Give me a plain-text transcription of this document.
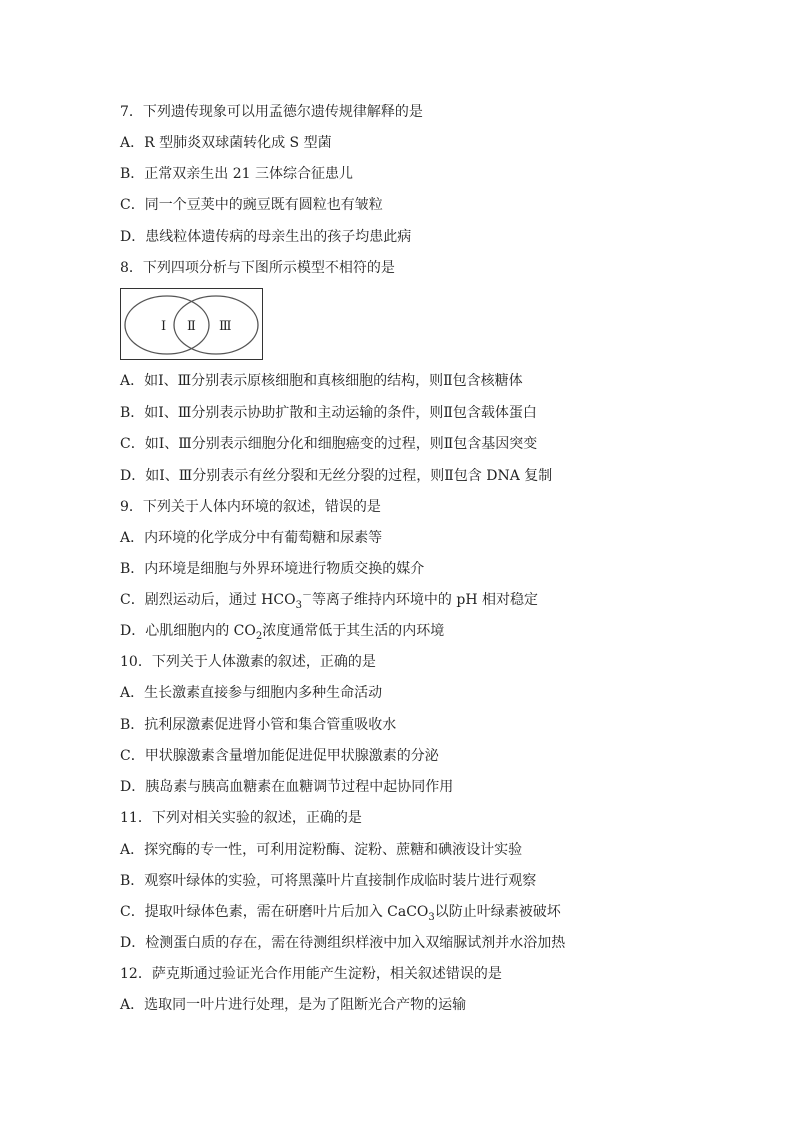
7．下列遗传现象可以用孟德尔遗传规律解释的是
A．R 型肺炎双球菌转化成 S 型菌
B．正常双亲生出 21 三体综合征患儿
C．同一个豆荚中的豌豆既有圆粒也有皱粒
D．患线粒体遗传病的母亲生出的孩子均患此病
8．下列四项分析与下图所示模型不相符的是
Ⅰ Ⅱ Ⅲ
A．如Ⅰ、Ⅲ分别表示原核细胞和真核细胞的结构，则Ⅱ包含核糖体
B．如Ⅰ、Ⅲ分别表示协助扩散和主动运输的条件，则Ⅱ包含载体蛋白
C．如Ⅰ、Ⅲ分别表示细胞分化和细胞癌变的过程，则Ⅱ包含基因突变
D．如Ⅰ、Ⅲ分别表示有丝分裂和无丝分裂的过程，则Ⅱ包含 DNA 复制
9．下列关于人体内环境的叙述，错误的是
A．内环境的化学成分中有葡萄糖和尿素等
B．内环境是细胞与外界环境进行物质交换的媒介
C．剧烈运动后，通过 $HCO_3^-$等离子维持内环境中的 pH 相对稳定
D．心肌细胞内的 $CO_2$浓度通常低于其生活的内环境
10．下列关于人体激素的叙述，正确的是
A．生长激素直接参与细胞内多种生命活动
B．抗利尿激素促进肾小管和集合管重吸收水
C．甲状腺激素含量增加能促进促甲状腺激素的分泌
D．胰岛素与胰高血糖素在血糖调节过程中起协同作用
11．下列对相关实验的叙述，正确的是
A．探究酶的专一性，可利用淀粉酶、淀粉、蔗糖和碘液设计实验
B．观察叶绿体的实验，可将黑藻叶片直接制作成临时装片进行观察
C．提取叶绿体色素，需在研磨叶片后加入 CaCO$_3$以防止叶绿素被破坏
D．检测蛋白质的存在，需在待测组织样液中加入双缩脲试剂并水浴加热
12．萨克斯通过验证光合作用能产生淀粉，相关叙述错误的是
A．选取同一叶片进行处理，是为了阻断光合产物的运输
